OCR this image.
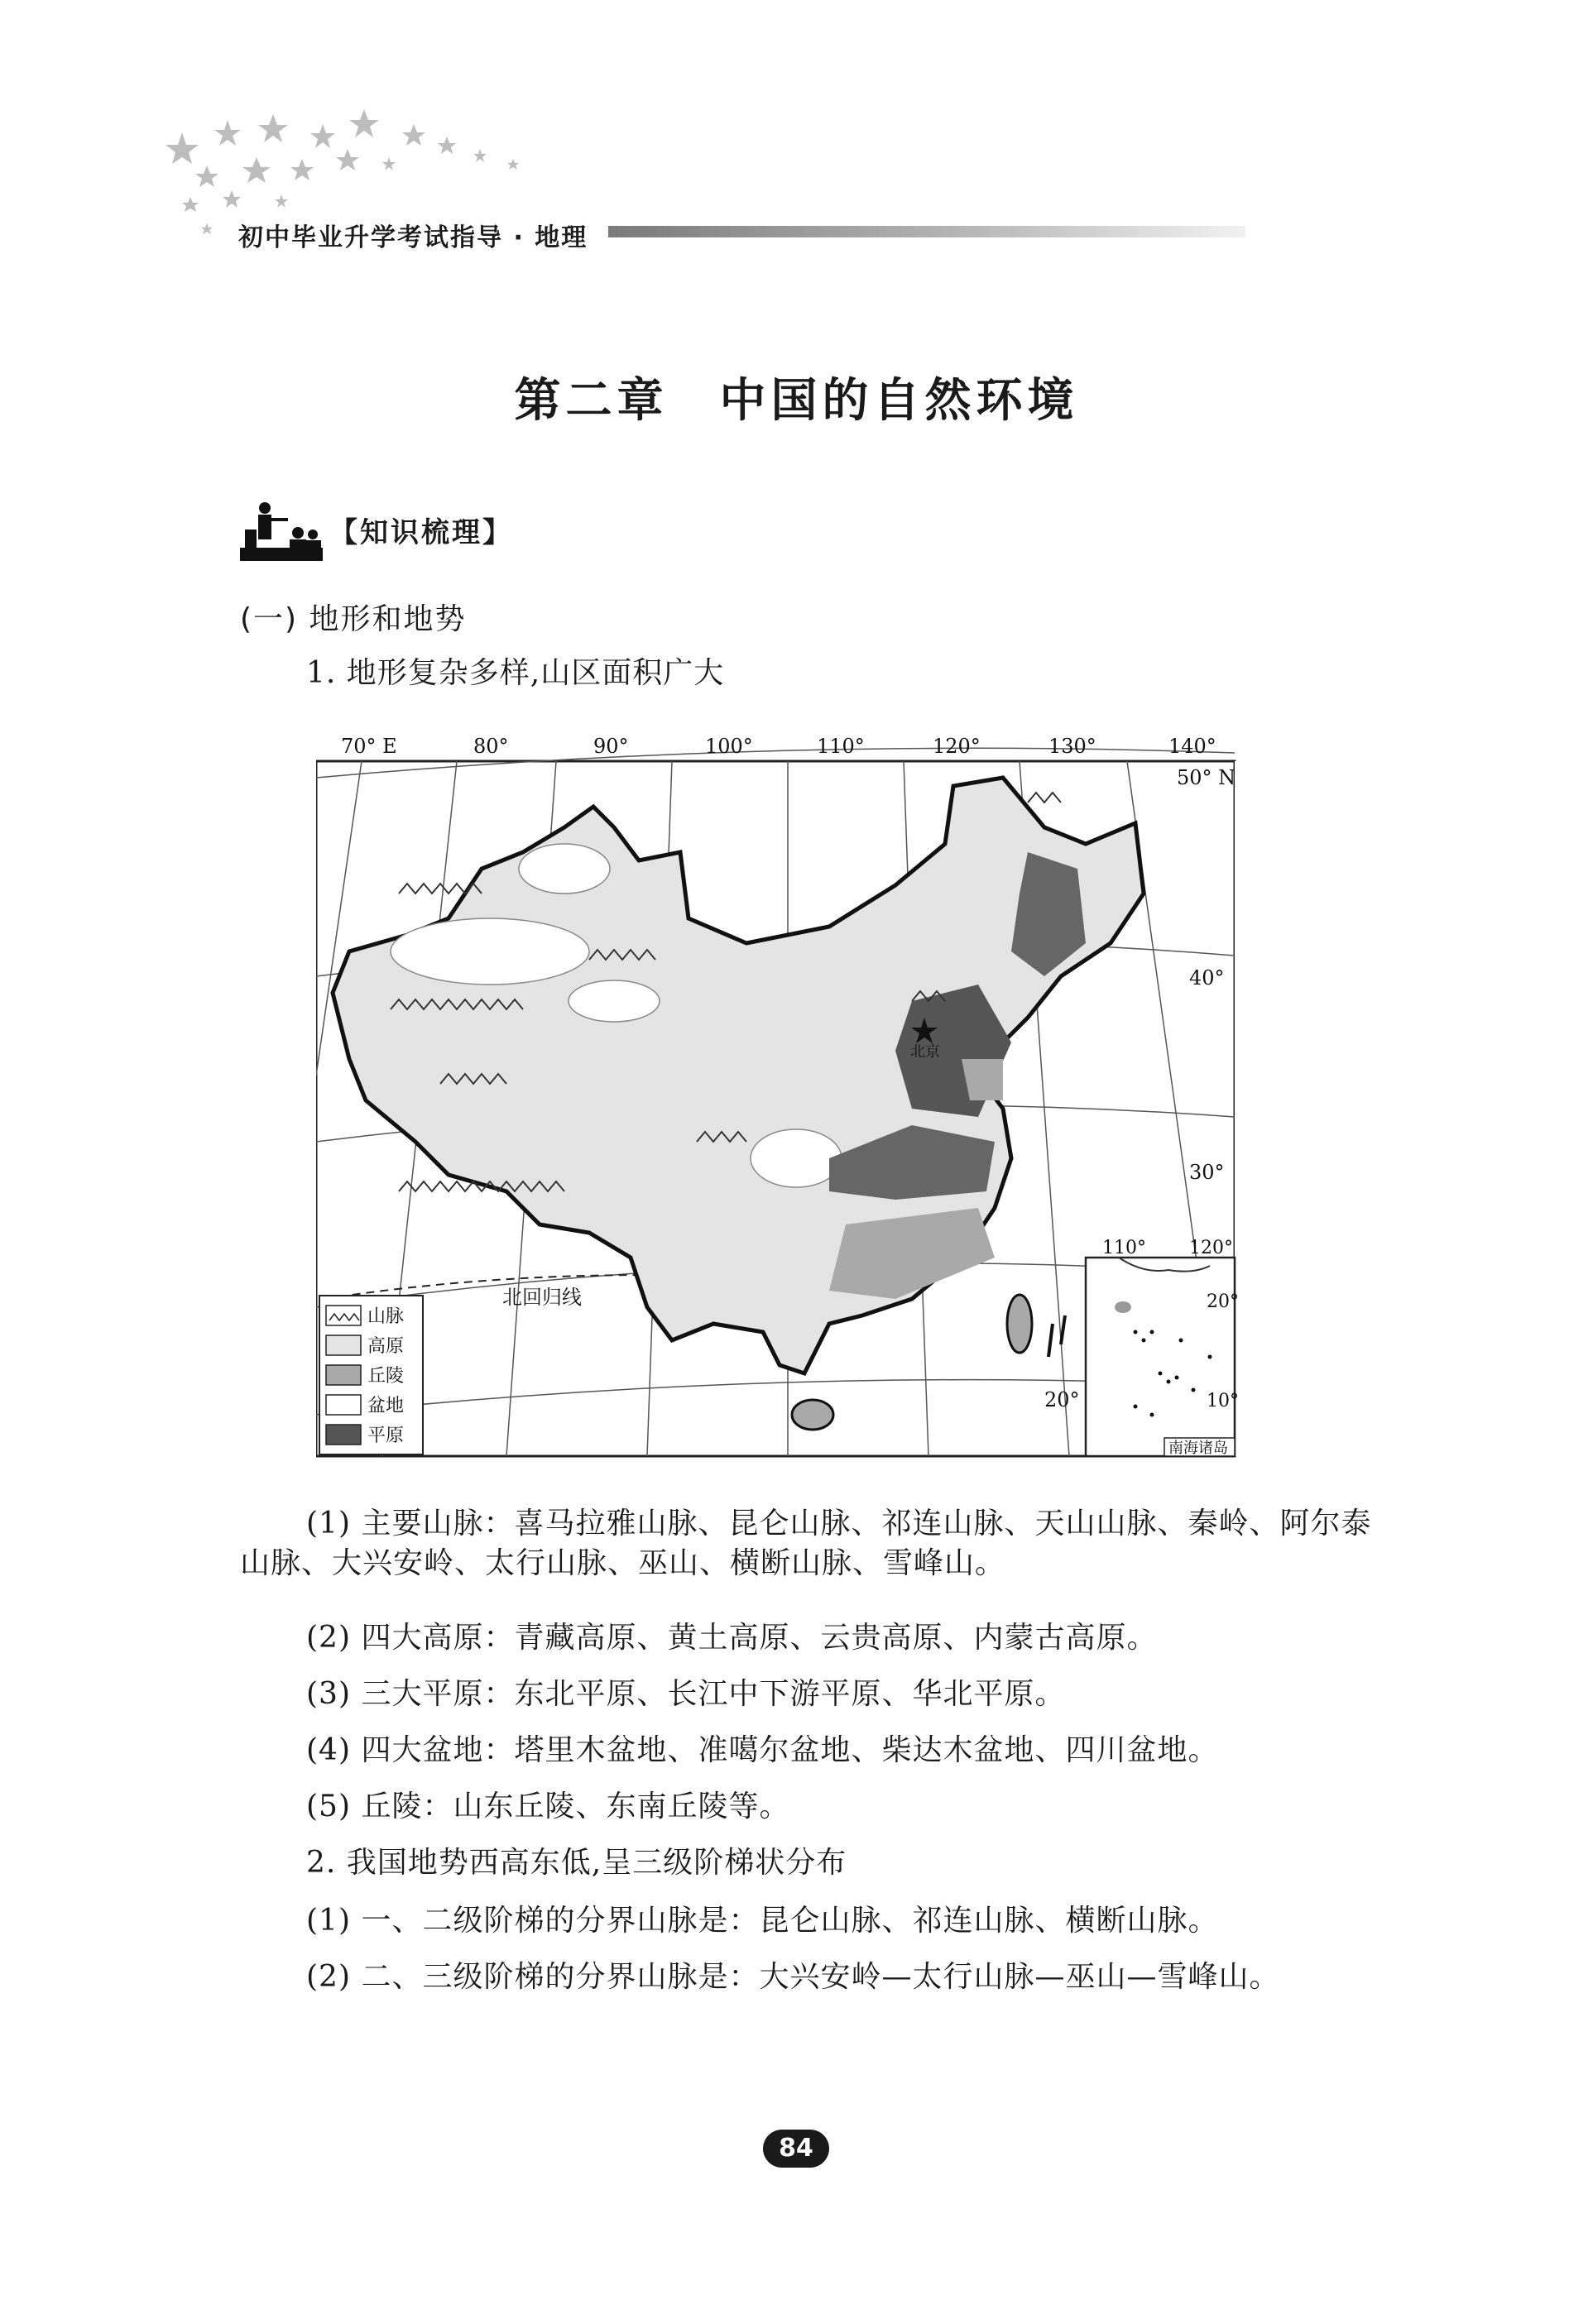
初中毕业升学考试指导 · 地理
第二章　中国的自然环境
【知识梳理】
(一) 地形和地势
1. 地形复杂多样,山区面积广大
北京
北回归线
70° E	80°	90°	100°	110°	120°	130°	140°
50° N
40°
30°
110° 120°
20°
10°
南海诸岛
20°
山脉
高原
丘陵
盆地
平原
(1) 主要山脉：喜马拉雅山脉、昆仑山脉、祁连山脉、天山山脉、秦岭、阿尔泰山脉、大兴安岭、太行山脉、巫山、横断山脉、雪峰山。
(2) 四大高原：青藏高原、黄土高原、云贵高原、内蒙古高原。
(3) 三大平原：东北平原、长江中下游平原、华北平原。
(4) 四大盆地：塔里木盆地、准噶尔盆地、柴达木盆地、四川盆地。
(5) 丘陵：山东丘陵、东南丘陵等。
2. 我国地势西高东低,呈三级阶梯状分布
(1) 一、二级阶梯的分界山脉是：昆仑山脉、祁连山脉、横断山脉。
(2) 二、三级阶梯的分界山脉是：大兴安岭—太行山脉—巫山—雪峰山。
84
